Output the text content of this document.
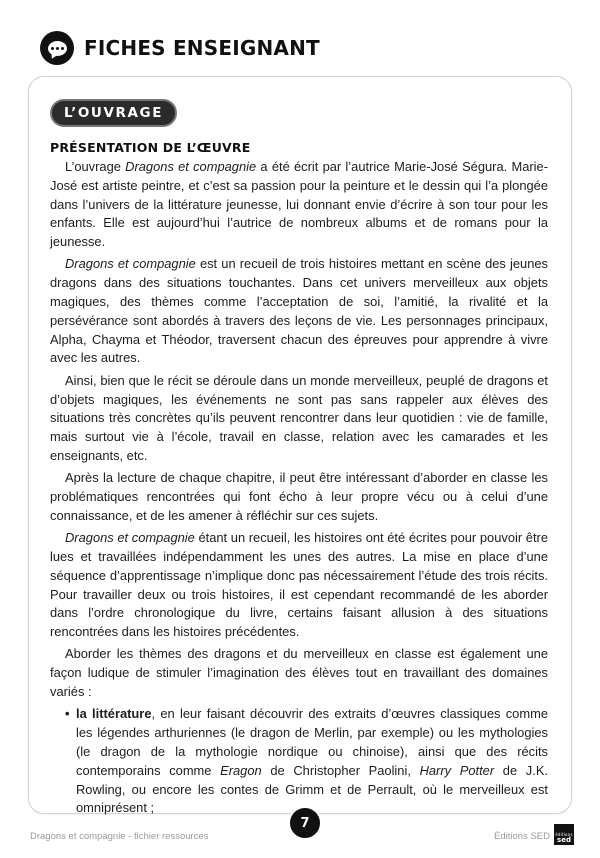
FICHES ENSEIGNANT
L’OUVRAGE
PRÉSENTATION DE L’ŒUVRE

L’ouvrage Dragons et compagnie a été écrit par l’autrice Marie-José Ségura. Marie-José est artiste peintre, et c’est sa passion pour la peinture et le dessin qui l’a plongée dans l’univers de la littérature jeunesse, lui donnant envie d’écrire à son tour pour les enfants. Elle est aujourd’hui l’autrice de nombreux albums et de romans pour la jeunesse.

Dragons et compagnie est un recueil de trois histoires mettant en scène des jeunes dragons dans des situations touchantes. Dans cet univers merveilleux aux objets magiques, des thèmes comme l’acceptation de soi, l’amitié, la rivalité et la persévérance sont abordés à travers des leçons de vie. Les personnages principaux, Alpha, Chayma et Théodor, traversent chacun des épreuves pour apprendre à vivre avec les autres.

Ainsi, bien que le récit se déroule dans un monde merveilleux, peuplé de dragons et d’objets magiques, les événements ne sont pas sans rappeler aux élèves des situations très concrètes qu’ils peuvent rencontrer dans leur quotidien : vie de famille, mais surtout vie à l’école, travail en classe, relation avec les camarades et les enseignants, etc.

Après la lecture de chaque chapitre, il peut être intéressant d’aborder en classe les problématiques rencontrées qui font écho à leur propre vécu ou à celui d’une connaissance, et de les amener à réfléchir sur ces sujets.

Dragons et compagnie étant un recueil, les histoires ont été écrites pour pouvoir être lues et travaillées indépendamment les unes des autres. La mise en place d’une séquence d’apprentissage n’implique donc pas nécessairement l’étude des trois récits. Pour travailler deux ou trois histoires, il est cependant recommandé de les aborder dans l’ordre chronologique du livre, certains faisant allusion à des situations rencontrées dans les histoires précédentes.

Aborder les thèmes des dragons et du merveilleux en classe est également une façon ludique de stimuler l’imagination des élèves tout en travaillant des domaines variés :

• la littérature, en leur faisant découvrir des extraits d’œuvres classiques comme les légendes arthuriennes (le dragon de Merlin, par exemple) ou les mythologies (le dragon de la mythologie nordique ou chinoise), ainsi que des récits contemporains comme Eragon de Christopher Paolini, Harry Potter de J.K. Rowling, ou encore les contes de Grimm et de Perrault, où le merveilleux est omniprésent ;
Dragons et compagnie - fichier ressources
7
Éditions SED éditions
sed
